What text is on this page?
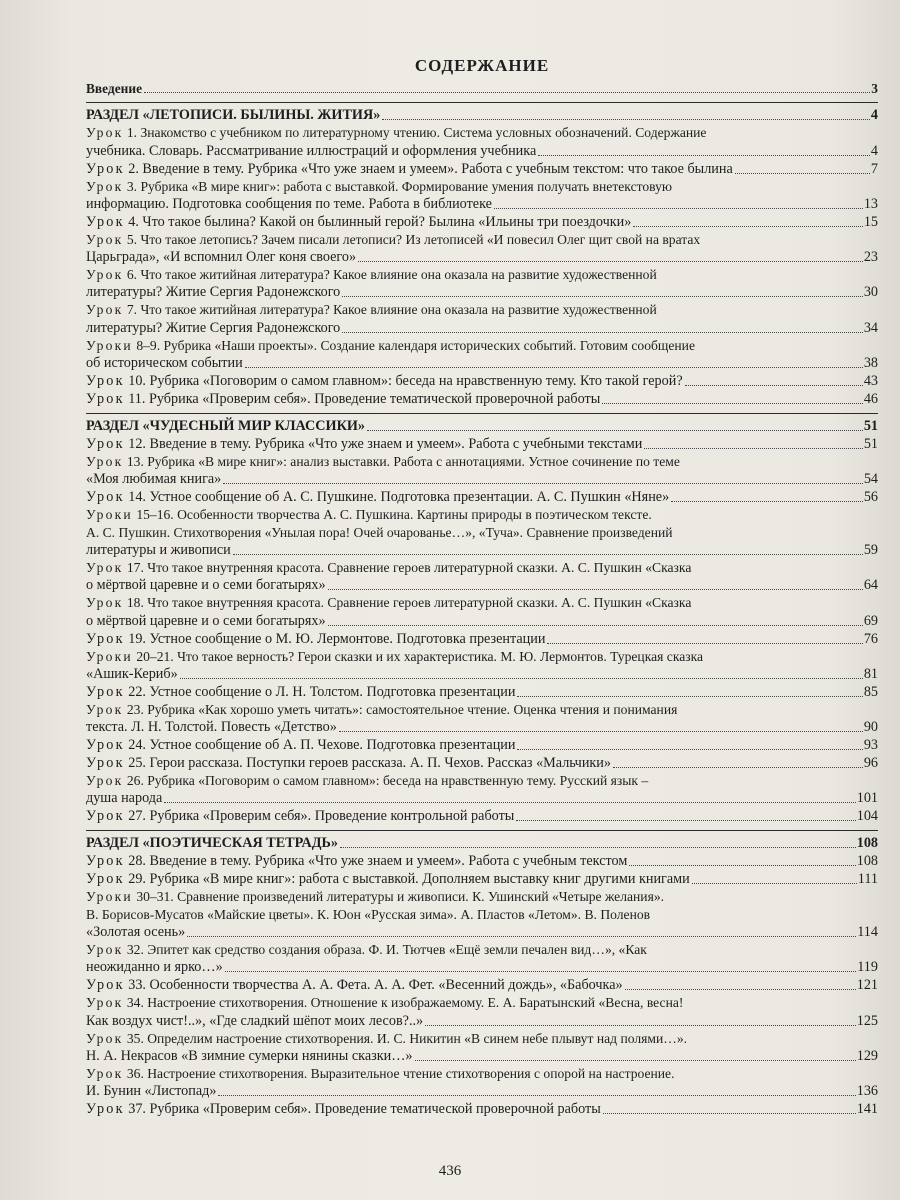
СОДЕРЖАНИЕ
Введение	3
РАЗДЕЛ «ЛЕТОПИСИ. БЫЛИНЫ. ЖИТИЯ»	4
Урок 1. Знакомство с учебником по литературному чтению. Система условных обозначений. Содержание
учебника. Словарь. Рассматривание иллюстраций и оформления учебника	4
Урок 2. Введение в тему. Рубрика «Что уже знаем и умеем». Работа с учебным текстом: что такое былина	7
Урок 3. Рубрика «В мире книг»: работа с выставкой. Формирование умения получать внетекстовую
информацию. Подготовка сообщения по теме. Работа в библиотеке	13
Урок 4. Что такое былина? Какой он былинный герой? Былина «Ильины три поездочки»	15
Урок 5. Что такое летопись? Зачем писали летописи? Из летописей «И повесил Олег щит свой на вратах
Царьграда», «И вспомнил Олег коня своего»	23
Урок 6. Что такое житийная литература? Какое влияние она оказала на развитие художественной
литературы? Житие Сергия Радонежского	30
Урок 7. Что такое житийная литература? Какое влияние она оказала на развитие художественной
литературы? Житие Сергия Радонежского	34
Уроки 8–9. Рубрика «Наши проекты». Создание календаря исторических событий. Готовим сообщение
об историческом событии	38
Урок 10. Рубрика «Поговорим о самом главном»: беседа на нравственную тему. Кто такой герой?	43
Урок 11. Рубрика «Проверим себя». Проведение тематической проверочной работы	46
РАЗДЕЛ «ЧУДЕСНЫЙ МИР КЛАССИКИ»	51
Урок 12. Введение в тему. Рубрика «Что уже знаем и умеем». Работа с учебными текстами	51
Урок 13. Рубрика «В мире книг»: анализ выставки. Работа с аннотациями. Устное сочинение по теме
«Моя любимая книга»	54
Урок 14. Устное сообщение об А. С. Пушкине. Подготовка презентации. А. С. Пушкин «Няне»	56
Уроки 15–16. Особенности творчества А. С. Пушкина. Картины природы в поэтическом тексте.
А. С. Пушкин. Стихотворения «Унылая пора! Очей очарованье…», «Туча». Сравнение произведений
литературы и живописи	59
Урок 17. Что такое внутренняя красота. Сравнение героев литературной сказки. А. С. Пушкин «Сказка
о мёртвой царевне и о семи богатырях»	64
Урок 18. Что такое внутренняя красота. Сравнение героев литературной сказки. А. С. Пушкин «Сказка
о мёртвой царевне и о семи богатырях»	69
Урок 19. Устное сообщение о М. Ю. Лермонтове. Подготовка презентации	76
Уроки 20–21. Что такое верность? Герои сказки и их характеристика. М. Ю. Лермонтов. Турецкая сказка
«Ашик-Кериб»	81
Урок 22. Устное сообщение о Л. Н. Толстом. Подготовка презентации	85
Урок 23. Рубрика «Как хорошо уметь читать»: самостоятельное чтение. Оценка чтения и понимания
текста. Л. Н. Толстой. Повесть «Детство»	90
Урок 24. Устное сообщение об А. П. Чехове. Подготовка презентации	93
Урок 25. Герои рассказа. Поступки героев рассказа. А. П. Чехов. Рассказ «Мальчики»	96
Урок 26. Рубрика «Поговорим о самом главном»: беседа на нравственную тему. Русский язык –
душа народа	101
Урок 27. Рубрика «Проверим себя». Проведение контрольной работы	104
РАЗДЕЛ «ПОЭТИЧЕСКАЯ ТЕТРАДЬ»	108
Урок 28. Введение в тему. Рубрика «Что уже знаем и умеем». Работа с учебным текстом	108
Урок 29. Рубрика «В мире книг»: работа с выставкой. Дополняем выставку книг другими книгами	111
Уроки 30–31. Сравнение произведений литературы и живописи. К. Ушинский «Четыре желания».
В. Борисов-Мусатов «Майские цветы». К. Юон «Русская зима». А. Пластов «Летом». В. Поленов
«Золотая осень»	114
Урок 32. Эпитет как средство создания образа. Ф. И. Тютчев «Ещё земли печален вид…», «Как
неожиданно и ярко…»	119
Урок 33. Особенности творчества А. А. Фета. А. А. Фет. «Весенний дождь», «Бабочка»	121
Урок 34. Настроение стихотворения. Отношение к изображаемому. Е. А. Баратынский «Весна, весна!
Как воздух чист!..», «Где сладкий шёпот моих лесов?..»	125
Урок 35. Определим настроение стихотворения. И. С. Никитин «В синем небе плывут над полями…».
Н. А. Некрасов «В зимние сумерки нянины сказки…»	129
Урок 36. Настроение стихотворения. Выразительное чтение стихотворения с опорой на настроение.
И. Бунин «Листопад»	136
Урок 37. Рубрика «Проверим себя». Проведение тематической проверочной работы	141
436
